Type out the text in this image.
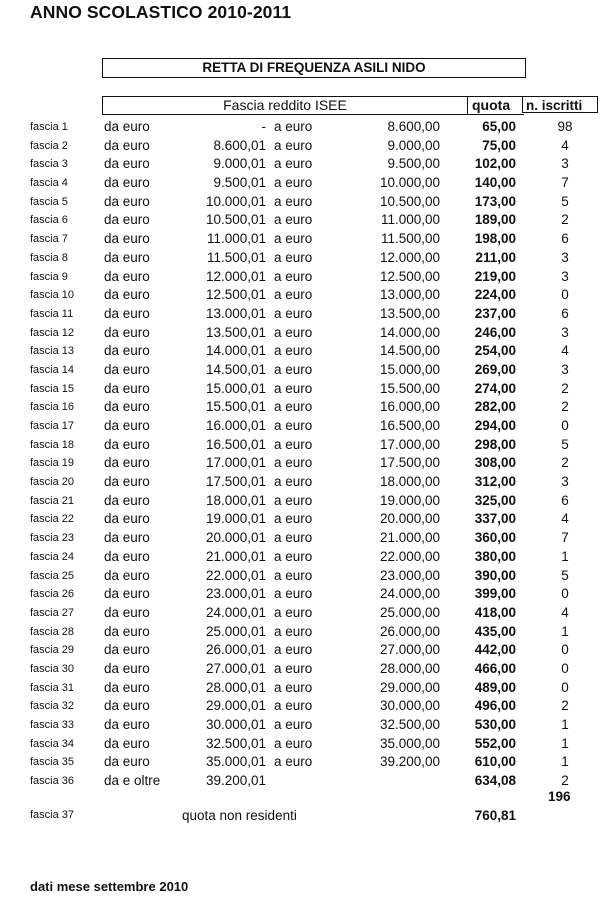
ANNO SCOLASTICO 2010-2011
RETTA DI FREQUENZA ASILI NIDO
Fascia reddito ISEE	quota	n. iscritti
fascia 1	da euro	- a euro	8.600,00	65,00	98
fascia 2	da euro	8.600,01 a euro	9.000,00	75,00	4
fascia 3	da euro	9.000,01 a euro	9.500,00	102,00	3
fascia 4	da euro	9.500,01 a euro	10.000,00	140,00	7
fascia 5	da euro	10.000,01 a euro	10.500,00	173,00	5
fascia 6	da euro	10.500,01 a euro	11.000,00	189,00	2
fascia 7	da euro	11.000,01 a euro	11.500,00	198,00	6
fascia 8	da euro	11.500,01 a euro	12.000,00	211,00	3
fascia 9	da euro	12.000,01 a euro	12.500,00	219,00	3
fascia 10 da euro	12.500,01 a euro	13.000,00	224,00	0
fascia 11 da euro	13.000,01 a euro	13.500,00	237,00	6
fascia 12 da euro	13.500,01 a euro	14.000,00	246,00	3
fascia 13 da euro	14.000,01 a euro	14.500,00	254,00	4
fascia 14 da euro	14.500,01 a euro	15.000,00	269,00	3
fascia 15 da euro	15.000,01 a euro	15.500,00	274,00	2
fascia 16 da euro	15.500,01 a euro	16.000,00	282,00	2
fascia 17 da euro	16.000,01 a euro	16.500,00	294,00	0
fascia 18 da euro	16.500,01 a euro	17.000,00	298,00	5
fascia 19 da euro	17.000,01 a euro	17.500,00	308,00	2
fascia 20 da euro	17.500,01 a euro	18.000,00	312,00	3
fascia 21 da euro	18.000,01 a euro	19.000,00	325,00	6
fascia 22 da euro	19.000,01 a euro	20.000,00	337,00	4
fascia 23 da euro	20.000,01 a euro	21.000,00	360,00	7
fascia 24 da euro	21.000,01 a euro	22.000,00	380,00	1
fascia 25 da euro	22.000,01 a euro	23.000,00	390,00	5
fascia 26 da euro	23.000,01 a euro	24.000,00	399,00	0
fascia 27 da euro	24.000,01 a euro	25.000,00	418,00	4
fascia 28 da euro	25.000,01 a euro	26.000,00	435,00	1
fascia 29 da euro	26.000,01 a euro	27.000,00	442,00	0
fascia 30 da euro	27.000,01 a euro	28.000,00	466,00	0
fascia 31 da euro	28.000,01 a euro	29.000,00	489,00	0
fascia 32 da euro	29.000,01 a euro	30.000,00	496,00	2
fascia 33 da euro	30.000,01 a euro	32.500,00	530,00	1
fascia 34 da euro	32.500,01 a euro	35.000,00	552,00	1
fascia 35 da euro	35.000,01 a euro	39.200,00	610,00	1
fascia 36 da e oltre	39.200,01	634,08	2
196
fascia 37	quota non residenti	760,81
dati mese settembre 2010
